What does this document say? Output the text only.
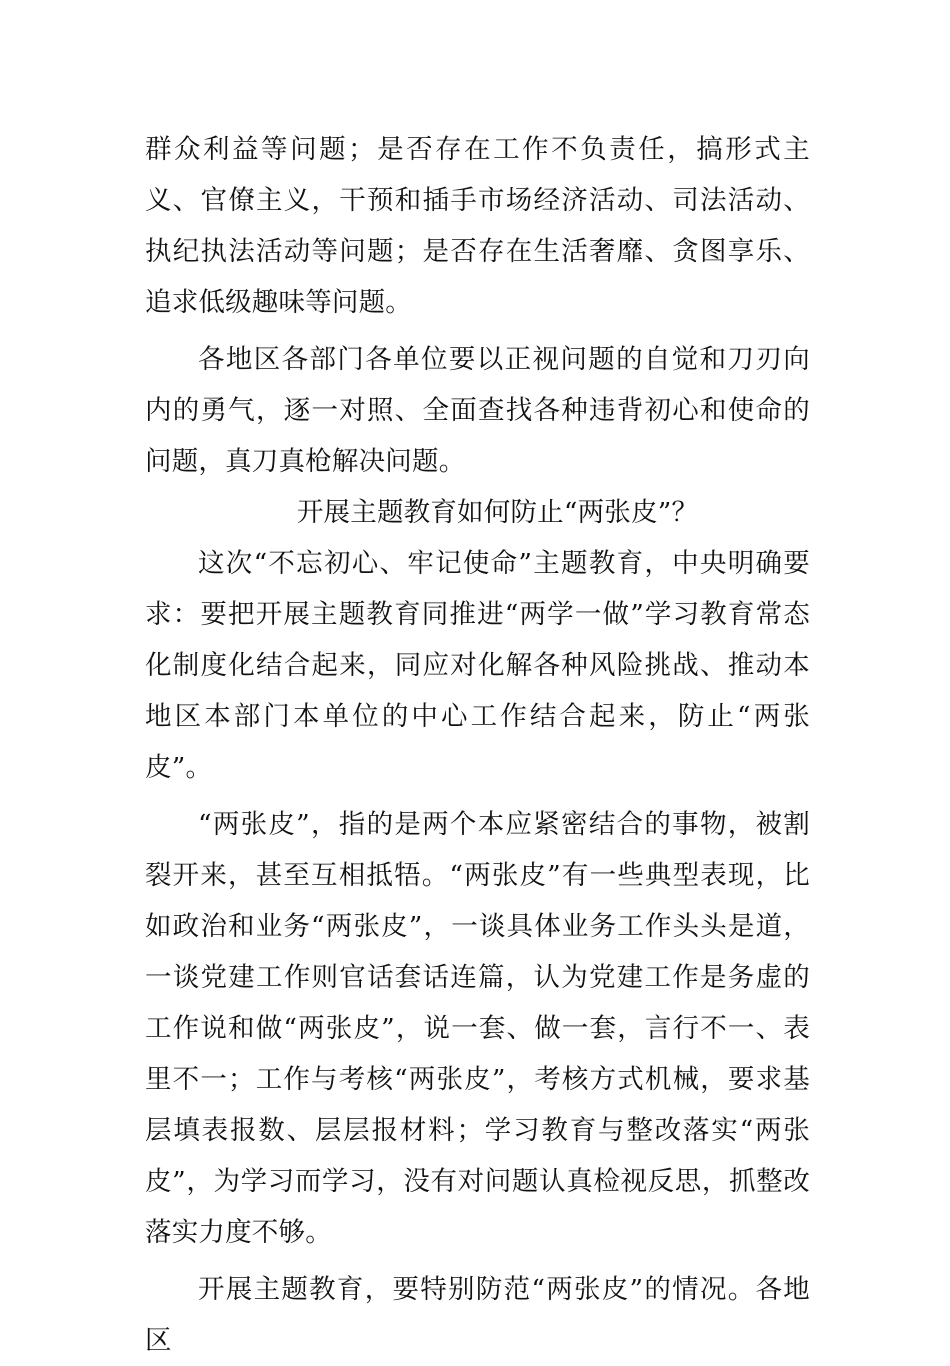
群众利益等问题；是否存在工作不负责任，搞形式主义、官僚主义，干预和插手市场经济活动、司法活动、执纪执法活动等问题；是否存在生活奢靡、贪图享乐、追求低级趣味等问题。

各地区各部门各单位要以正视问题的自觉和刀刃向内的勇气，逐一对照、全面查找各种违背初心和使命的问题，真刀真枪解决问题。

开展主题教育如何防止“两张皮”？

这次“不忘初心、牢记使命”主题教育，中央明确要求：要把开展主题教育同推进“两学一做”学习教育常态化制度化结合起来，同应对化解各种风险挑战、推动本地区本部门本单位的中心工作结合起来，防止“两张皮”。

“两张皮”，指的是两个本应紧密结合的事物，被割裂开来，甚至互相抵牾。“两张皮”有一些典型表现，比如政治和业务“两张皮”，一谈具体业务工作头头是道，一谈党建工作则官话套话连篇，认为党建工作是务虚的工作说和做“两张皮”，说一套、做一套，言行不一、表里不一；工作与考核“两张皮”，考核方式机械，要求基层填表报数、层层报材料；学习教育与整改落实“两张皮”，为学习而学习，没有对问题认真检视反思，抓整改落实力度不够。

开展主题教育，要特别防范“两张皮”的情况。各地区
